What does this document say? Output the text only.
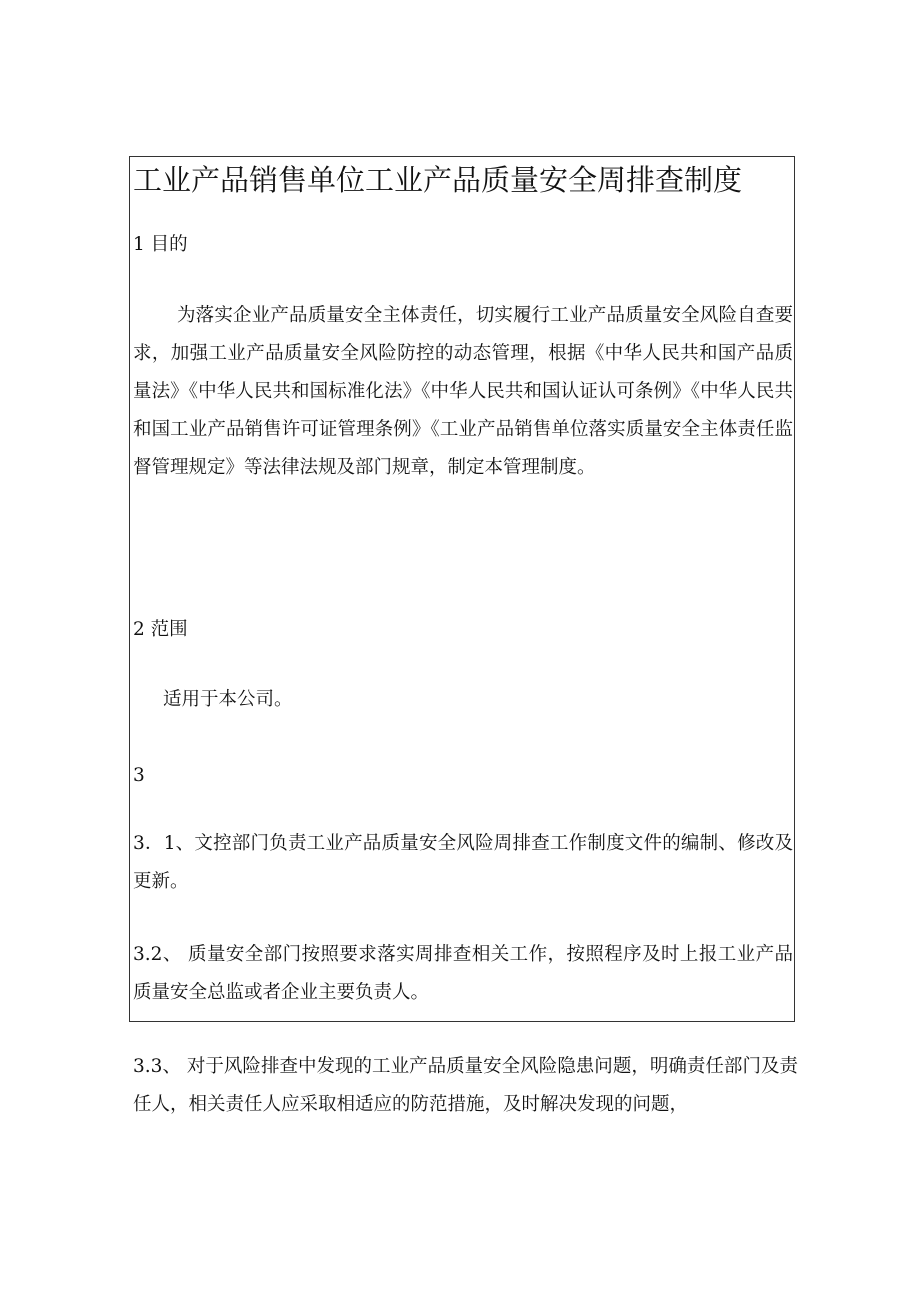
工业产品销售单位工业产品质量安全周排查制度

1 目的

为落实企业产品质量安全主体责任，切实履行工业产品质量安全风险自查要求，加强工业产品质量安全风险防控的动态管理，根据《中华人民共和国产品质量法》《中华人民共和国标准化法》《中华人民共和国认证认可条例》《中华人民共和国工业产品销售许可证管理条例》《工业产品销售单位落实质量安全主体责任监督管理规定》等法律法规及部门规章，制定本管理制度。

2 范围

适用于本公司。

3

3．1、文控部门负责工业产品质量安全风险周排查工作制度文件的编制、修改及更新。

3.2、 质量安全部门按照要求落实周排查相关工作，按照程序及时上报工业产品质量安全总监或者企业主要负责人。

3.3、 对于风险排查中发现的工业产品质量安全风险隐患问题，明确责任部门及责任人，相关责任人应采取相适应的防范措施，及时解决发现的问题，
